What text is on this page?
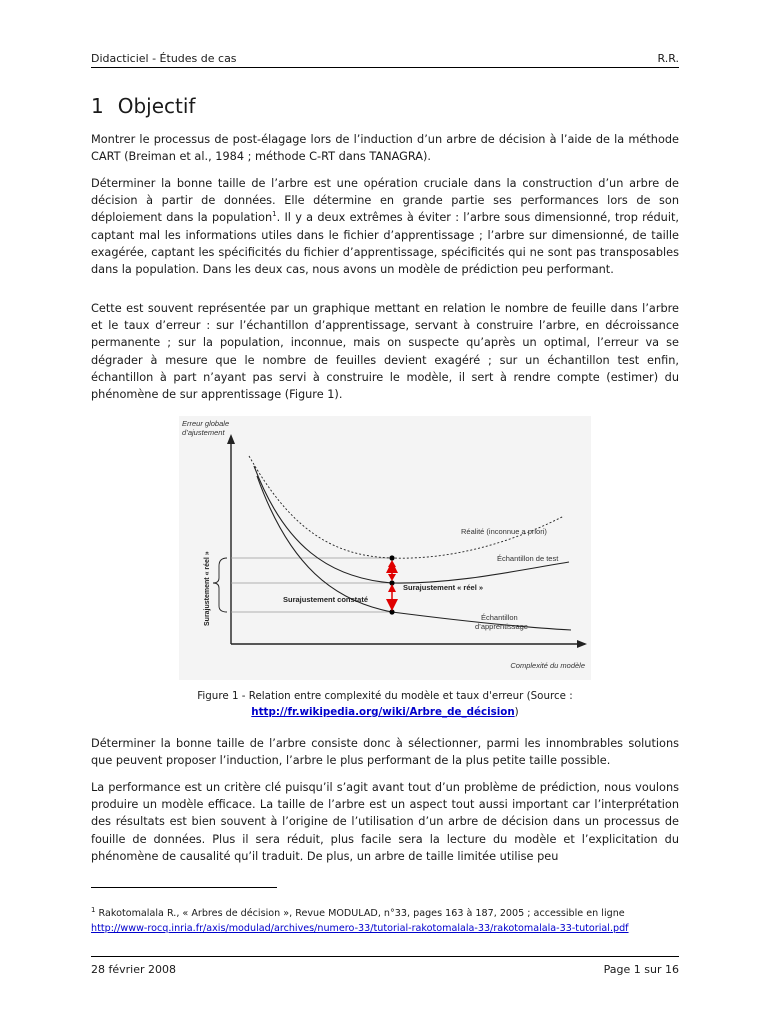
Didacticiel - Études de cas	R.R.
1 Objectif

Montrer le processus de post-élagage lors de l’induction d’un arbre de décision à l’aide de la méthode CART (Breiman et al., 1984 ; méthode C-RT dans TANAGRA).

Déterminer la bonne taille de l’arbre est une opération cruciale dans la construction d’un arbre de décision à partir de données. Elle détermine en grande partie ses performances lors de son déploiement dans la population$^1$. Il y a deux extrêmes à éviter : l’arbre sous dimensionné, trop réduit, captant mal les informations utiles dans le fichier d’apprentissage ; l’arbre sur dimensionné, de taille exagérée, captant les spécificités du fichier d’apprentissage, spécificités qui ne sont pas transposables dans la population. Dans les deux cas, nous avons un modèle de prédiction peu performant.

Cette est souvent représentée par un graphique mettant en relation le nombre de feuille dans l’arbre et le taux d’erreur : sur l’échantillon d’apprentissage, servant à construire l’arbre, en décroissance permanente ; sur la population, inconnue, mais on suspecte qu’après un optimal, l’erreur va se dégrader à mesure que le nombre de feuilles devient exagéré ; sur un échantillon test enfin, échantillon à part n’ayant pas servi à construire le modèle, il sert à rendre compte (estimer) du phénomène de sur apprentissage (Figure 1).

Erreur globale
d’ajustement
Complexité du modèle
Réalité (inconnue a priori)
Échantillon de test
Échantillon
d’apprentissage
Surajustement « réel »
Surajustement constaté
Surajustement « réel »
Figure 1 - Relation entre complexité du modèle et taux d'erreur (Source :
http://fr.wikipedia.org/wiki/Arbre_de_décision)

Déterminer la bonne taille de l’arbre consiste donc à sélectionner, parmi les innombrables solutions que peuvent proposer l’induction, l’arbre le plus performant de la plus petite taille possible.

La performance est un critère clé puisqu’il s’agit avant tout d’un problème de prédiction, nous voulons produire un modèle efficace. La taille de l’arbre est un aspect tout aussi important car l’interprétation des résultats est bien souvent à l’origine de l’utilisation d’un arbre de décision dans un processus de fouille de données. Plus il sera réduit, plus facile sera la lecture du modèle et l’explicitation du phénomène de causalité qu’il traduit. De plus, un arbre de taille limitée utilise peu

$^1$ Rakotomalala R., « Arbres de décision », Revue MODULAD, n°33, pages 163 à 187, 2005 ; accessible en ligne
http://www-rocq.inria.fr/axis/modulad/archives/numero-33/tutorial-rakotomalala-33/rakotomalala-33-tutorial.pdf
28 février 2008	Page 1 sur 16
